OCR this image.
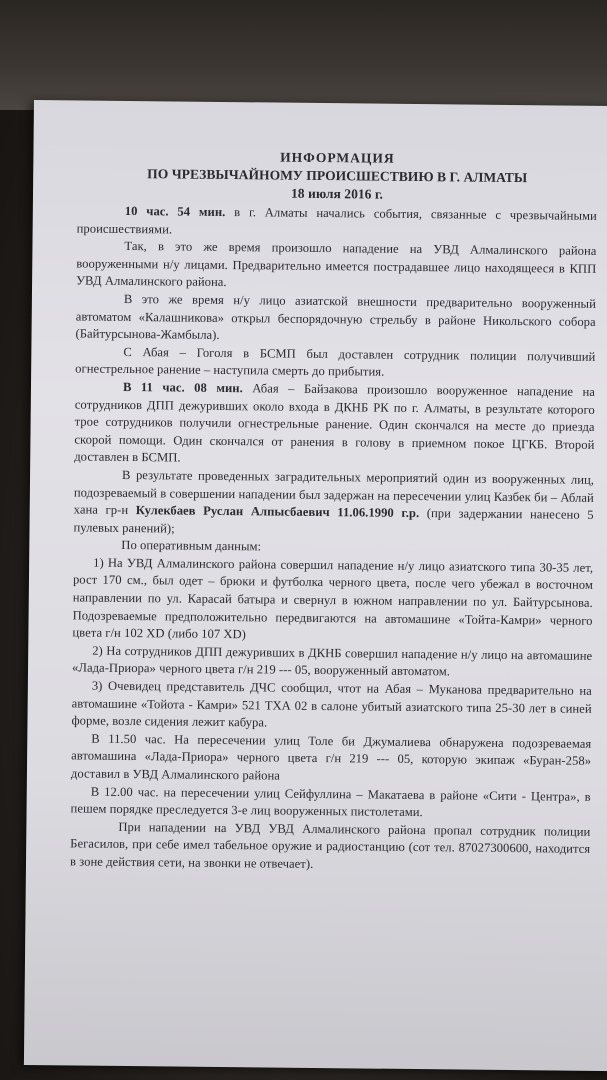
ИНФОРМАЦИЯ
ПО ЧРЕЗВЫЧАЙНОМУ ПРОИСШЕСТВИЮ В Г. АЛМАТЫ
18 июля 2016 г.

10 час. 54 мин. в г. Алматы начались события, связанные с чрезвычайными происшествиями.

Так, в это же время произошло нападение на УВД Алмалинского района вооруженными н/у лицами. Предварительно имеется пострадавшее лицо находящееся в КПП УВД Алмалинского района.

В это же время н/у лицо азиатской внешности предварительно вооруженный автоматом «Калашникова» открыл беспорядочную стрельбу в районе Никольского собора (Байтурсынова-Жамбыла).

С Абая – Гоголя в БСМП был доставлен сотрудник полиции получивший огнестрельное ранение – наступила смерть до прибытия.

В 11 час. 08 мин. Абая – Байзакова произошло вооруженное нападение на сотрудников ДПП дежуривших около входа в ДКНБ РК по г. Алматы, в результате которого трое сотрудников получили огнестрельные ранение. Один скончался на месте до приезда скорой помощи. Один скончался от ранения в голову в приемном покое ЦГКБ. Второй доставлен в БСМП.

В результате проведенных заградительных мероприятий один из вооруженных лиц, подозреваемый в совершении нападении был задержан на пересечении улиц Казбек би – Аблай хана гр-н Кулекбаев Руслан Алпысбаевич 11.06.1990 г.р. (при задержании нанесено 5 пулевых ранений);

По оперативным данным:

1) На УВД Алмалинского района совершил нападение н/у лицо азиатского типа 30-35 лет, рост 170 см., был одет – брюки и футболка черного цвета, после чего убежал в восточном направлении по ул. Карасай батыра и свернул в южном направлении по ул. Байтурсынова. Подозреваемые предположительно передвигаются на автомашине «Тойта-Камри» черного цвета г/н 102 XD (либо 107 XD)

2) На сотрудников ДПП дежуривших в ДКНБ совершил нападение н/у лицо на автомашине «Лада-Приора» черного цвета г/н 219 --- 05, вооруженный автоматом.

3) Очевидец представитель ДЧС сообщил, чтот на Абая – Муканова предварительно на автомашине «Тойота - Камри» 521 ТХА 02 в салоне убитый азиатского типа 25-30 лет в синей форме, возле сидения лежит кабура.

В 11.50 час. На пересечении улиц Толе би Джумалиева обнаружена подозреваемая автомашина «Лада-Приора» черного цвета г/н 219 --- 05, которую экипаж «Буран-258» доставил в УВД Алмалинского района

В 12.00 час. на пересечении улиц Сейфуллина – Макатаева в районе «Сити - Центра», в пешем порядке преследуется 3-е лиц вооруженных пистолетами.

При нападении на УВД УВД Алмалинского района пропал сотрудник полиции Бегасилов, при себе имел табельное оружие и радиостанцию (сот тел. 87027300600, находится в зоне действия сети, на звонки не отвечает).
